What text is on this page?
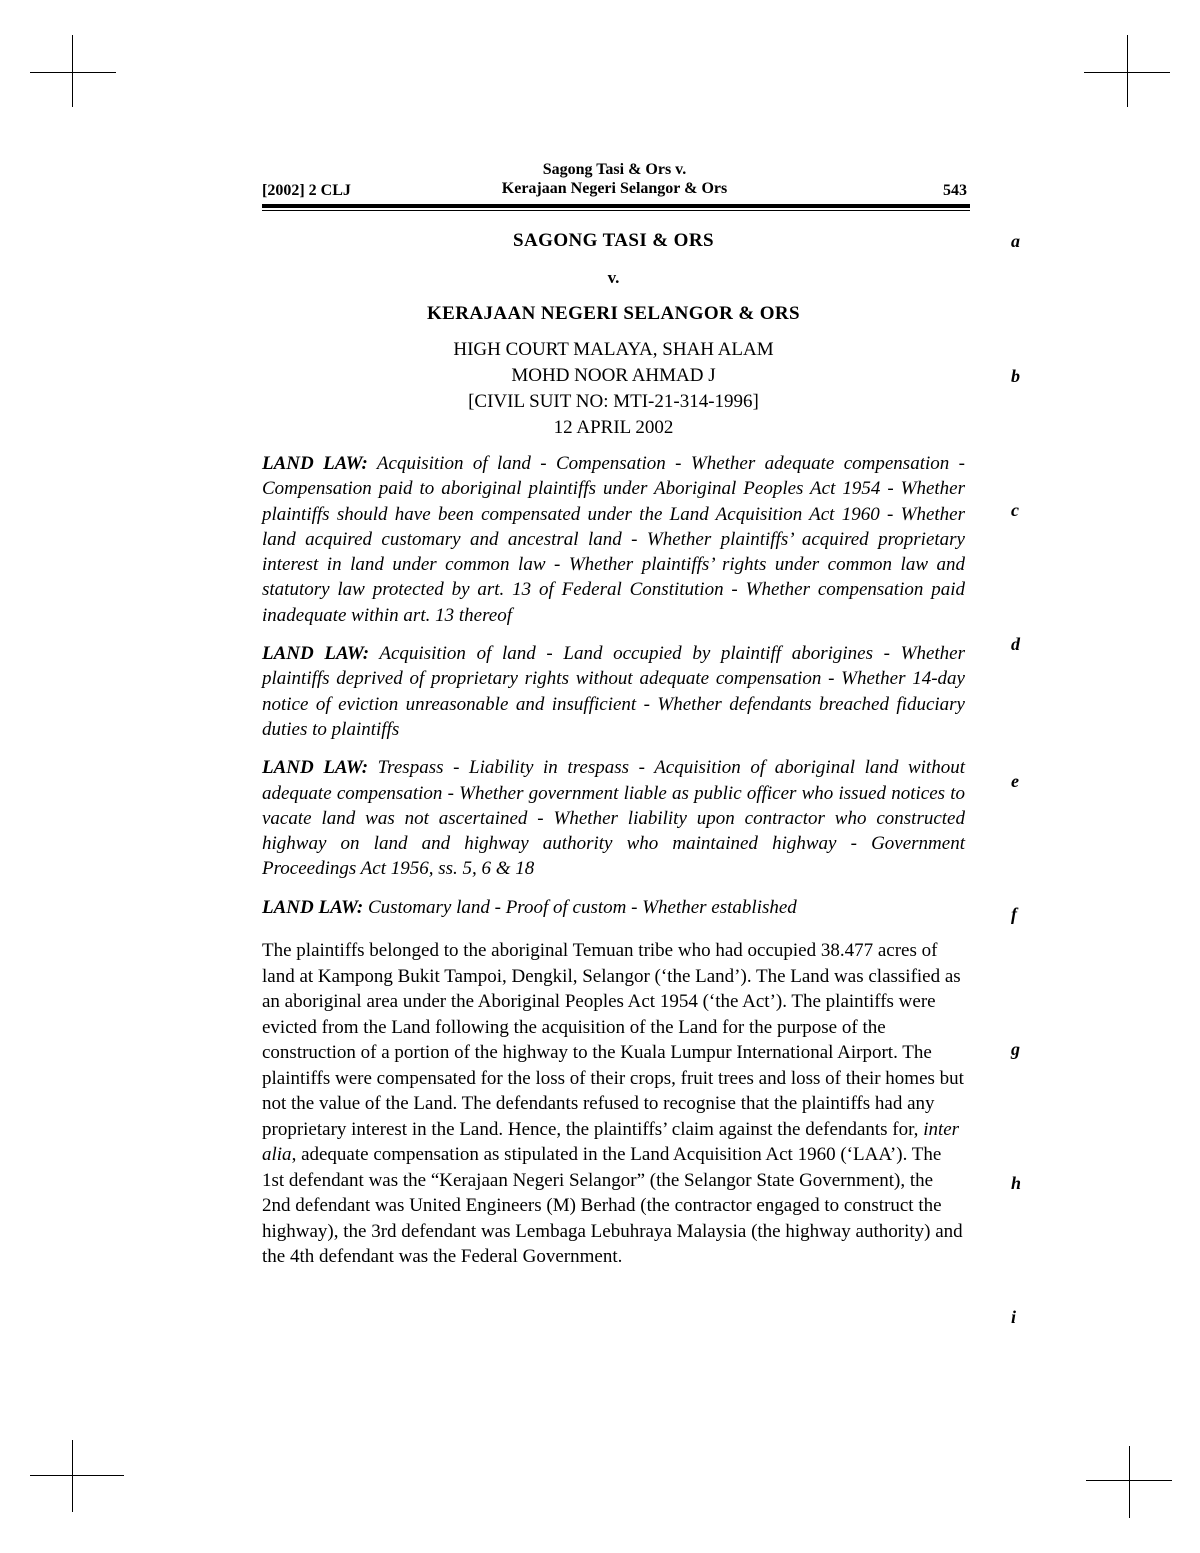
[2002] 2 CLJ
Sagong Tasi & Ors v.
Kerajaan Negeri Selangor & Ors	543
SAGONG TASI & ORS
v.
KERAJAAN NEGERI SELANGOR & ORS
HIGH COURT MALAYA, SHAH ALAM
MOHD NOOR AHMAD J
[CIVIL SUIT NO: MTI-21-314-1996]
12 APRIL 2002
LAND LAW: Acquisition of land - Compensation - Whether adequate compensation - Compensation paid to aboriginal plaintiffs under Aboriginal Peoples Act 1954 - Whether plaintiffs should have been compensated under the Land Acquisition Act 1960 - Whether land acquired customary and ancestral land - Whether plaintiffs’ acquired proprietary interest in land under common law - Whether plaintiffs’ rights under common law and statutory law protected by art. 13 of Federal Constitution - Whether compensation paid inadequate within art. 13 thereof
LAND LAW: Acquisition of land - Land occupied by plaintiff aborigines - Whether plaintiffs deprived of proprietary rights without adequate compensation - Whether 14-day notice of eviction unreasonable and insufficient - Whether defendants breached fiduciary duties to plaintiffs
LAND LAW: Trespass - Liability in trespass - Acquisition of aboriginal land without adequate compensation - Whether government liable as public officer who issued notices to vacate land was not ascertained - Whether liability upon contractor who constructed highway on land and highway authority who maintained highway - Government Proceedings Act 1956, ss. 5, 6 & 18
LAND LAW: Customary land - Proof of custom - Whether established
The plaintiffs belonged to the aboriginal Temuan tribe who had occupied 38.477 acres of land at Kampong Bukit Tampoi, Dengkil, Selangor (‘the Land’). The Land was classified as an aboriginal area under the Aboriginal Peoples Act 1954 (‘the Act’). The plaintiffs were evicted from the Land following the acquisition of the Land for the purpose of the construction of a portion of the highway to the Kuala Lumpur International Airport. The plaintiffs were compensated for the loss of their crops, fruit trees and loss of their homes but not the value of the Land. The defendants refused to recognise that the plaintiffs had any proprietary interest in the Land. Hence, the plaintiffs’ claim against the defendants for, inter alia, adequate compensation as stipulated in the Land Acquisition Act 1960 (‘LAA’). The 1st defendant was the “Kerajaan Negeri Selangor” (the Selangor State Government), the 2nd defendant was United Engineers (M) Berhad (the contractor engaged to construct the highway), the 3rd defendant was Lembaga Lebuhraya Malaysia (the highway authority) and the 4th defendant was the Federal Government.
a
b
c
d
e
f
g
h
i
